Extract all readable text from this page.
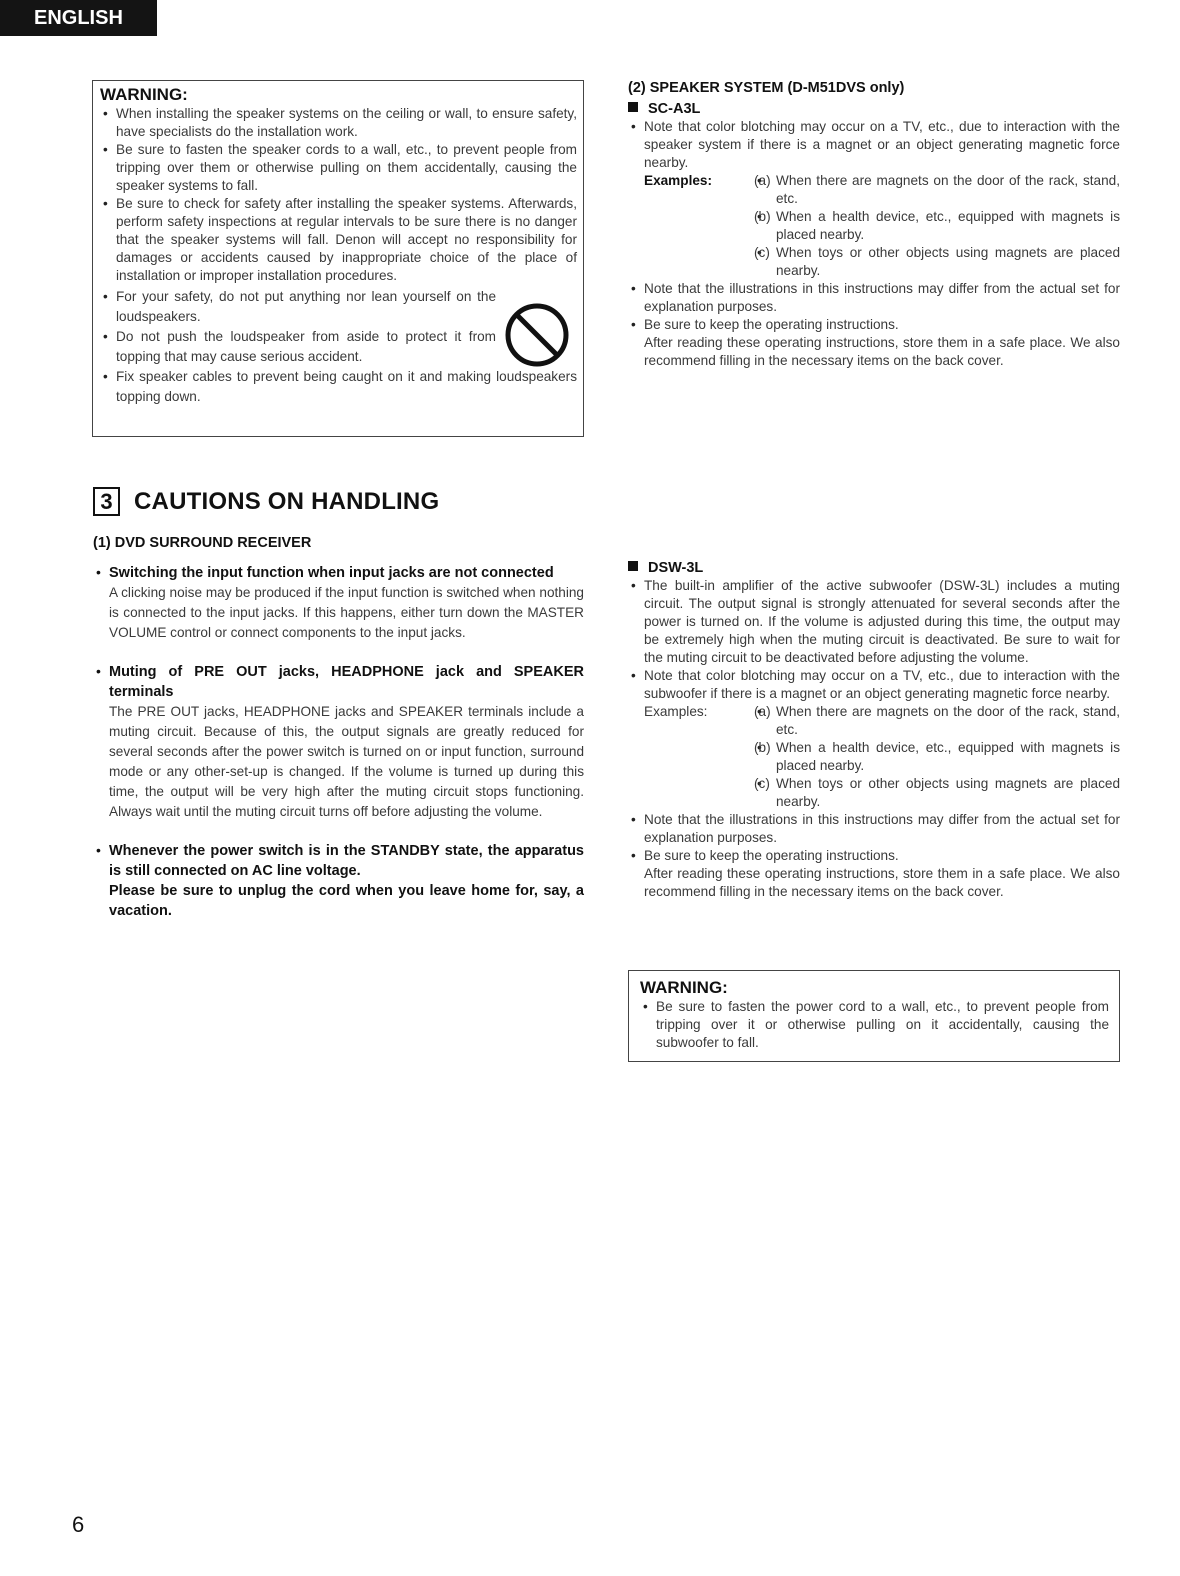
ENGLISH

WARNING:

• When installing the speaker systems on the ceiling or wall, to ensure safety, have specialists do the installation work.
• Be sure to fasten the speaker cords to a wall, etc., to prevent people from tripping over them or otherwise pulling on them accidentally, causing the speaker systems to fall.
• Be sure to check for safety after installing the speaker systems. Afterwards, perform safety inspections at regular intervals to be sure there is no danger that the speaker systems will fall. Denon will accept no responsibility for damages or accidents caused by inappropriate choice of the place of installation or improper installation procedures.
• For your safety, do not put anything nor lean yourself on the loudspeakers.
• Do not push the loudspeaker from aside to protect it from topping that may cause serious accident.
• Fix speaker cables to prevent being caught on it and making loudspeakers topping down.

(2) SPEAKER SYSTEM (D-M51DVS only)

SC-A3L

• Note that color blotching may occur on a TV, etc., due to interaction with the speaker system if there is a magnet or an object generating magnetic force nearby.

Examples:	• (a) When there are magnets on the door of the rack, stand, etc.
• (b) When a health device, etc., equipped with magnets is placed nearby.
• (c) When toys or other objects using magnets are placed nearby.
• Note that the illustrations in this instructions may differ from the actual set for explanation purposes.

• Be sure to keep the operating instructions.

After reading these operating instructions, store them in a safe place. We also recommend filling in the necessary items on the back cover.

3 CAUTIONS ON HANDLING

(1) DVD SURROUND RECEIVER

• Switching the input function when input jacks are not connected

A clicking noise may be produced if the input function is switched when nothing is connected to the input jacks. If this happens, either turn down the MASTER VOLUME control or connect components to the input jacks.

• Muting of PRE OUT jacks, HEADPHONE jack and SPEAKER terminals

The PRE OUT jacks, HEADPHONE jacks and SPEAKER terminals include a muting circuit. Because of this, the output signals are greatly reduced for several seconds after the power switch is turned on or input function, surround mode or any other-set-up is changed. If the volume is turned up during this time, the output will be very high after the muting circuit stops functioning. Always wait until the muting circuit turns off before adjusting the volume.

• Whenever the power switch is in the STANDBY state, the apparatus is still connected on AC line voltage.

Please be sure to unplug the cord when you leave home for, say, a vacation.

DSW-3L

• The built-in amplifier of the active subwoofer (DSW-3L) includes a muting circuit. The output signal is strongly attenuated for several seconds after the power is turned on. If the volume is adjusted during this time, the output may be extremely high when the muting circuit is deactivated. Be sure to wait for the muting circuit to be deactivated before adjusting the volume.

• Note that color blotching may occur on a TV, etc., due to interaction with the subwoofer if there is a magnet or an object generating magnetic force nearby.

Examples:	• (a) When there are magnets on the door of the rack, stand, etc.
• (b) When a health device, etc., equipped with magnets is placed nearby.
• (c) When toys or other objects using magnets are placed nearby.
• Note that the illustrations in this instructions may differ from the actual set for explanation purposes.

• Be sure to keep the operating instructions.

After reading these operating instructions, store them in a safe place. We also recommend filling in the necessary items on the back cover.

WARNING:

• Be sure to fasten the power cord to a wall, etc., to prevent people from tripping over it or otherwise pulling on it accidentally, causing the subwoofer to fall.
6
